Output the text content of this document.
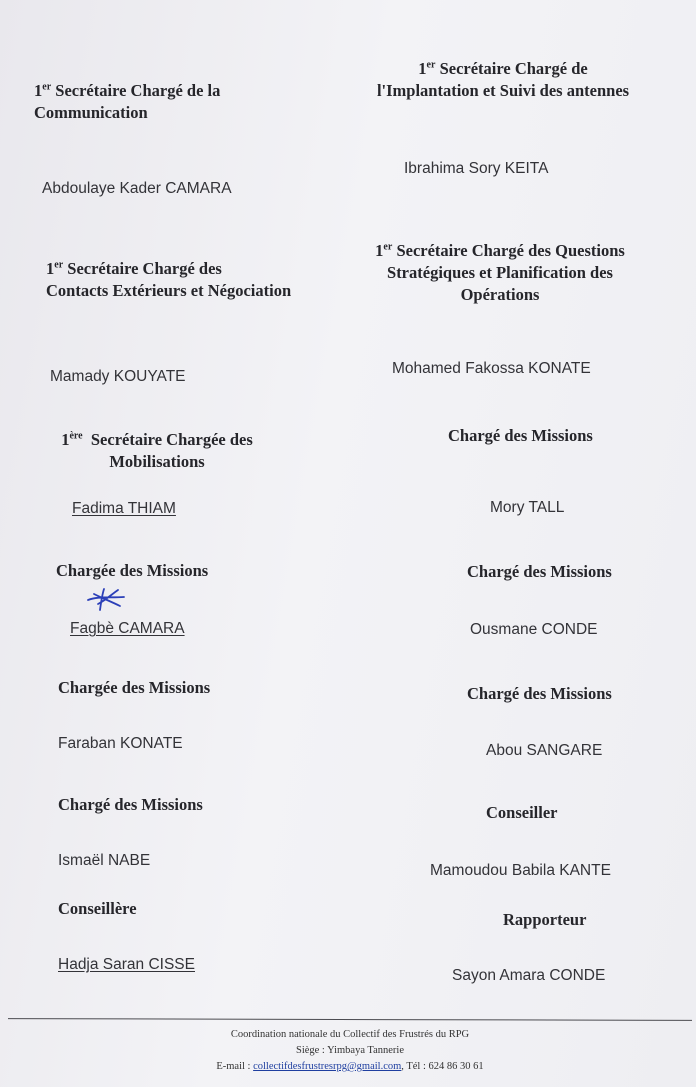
1er Secrétaire Chargé de la
Communication
Abdoulaye Kader CAMARA
1er Secrétaire Chargé des
Contacts Extérieurs et Négociation
Mamady KOUYATE
1ère Secrétaire Chargée des
Mobilisations
Fadima THIAM
Chargée des Missions
Fagbè CAMARA
Chargée des Missions
Faraban KONATE
Chargé des Missions
Ismaël NABE
Conseillère
Hadja Saran CISSE
1er Secrétaire Chargé de
l'Implantation et Suivi des antennes
Ibrahima Sory KEITA
1er Secrétaire Chargé des Questions
Stratégiques et Planification des
Opérations
Mohamed Fakossa KONATE
Chargé des Missions
Mory TALL
Chargé des Missions
Ousmane CONDE
Chargé des Missions
Abou SANGARE
Conseiller
Mamoudou Babila KANTE
Rapporteur
Sayon Amara CONDE
Coordination nationale du Collectif des Frustrés du RPG
Siège : Yimbaya Tannerie
E-mail : collectifdesfrustresrpg@gmail.com, Tél : 624 86 30 61
